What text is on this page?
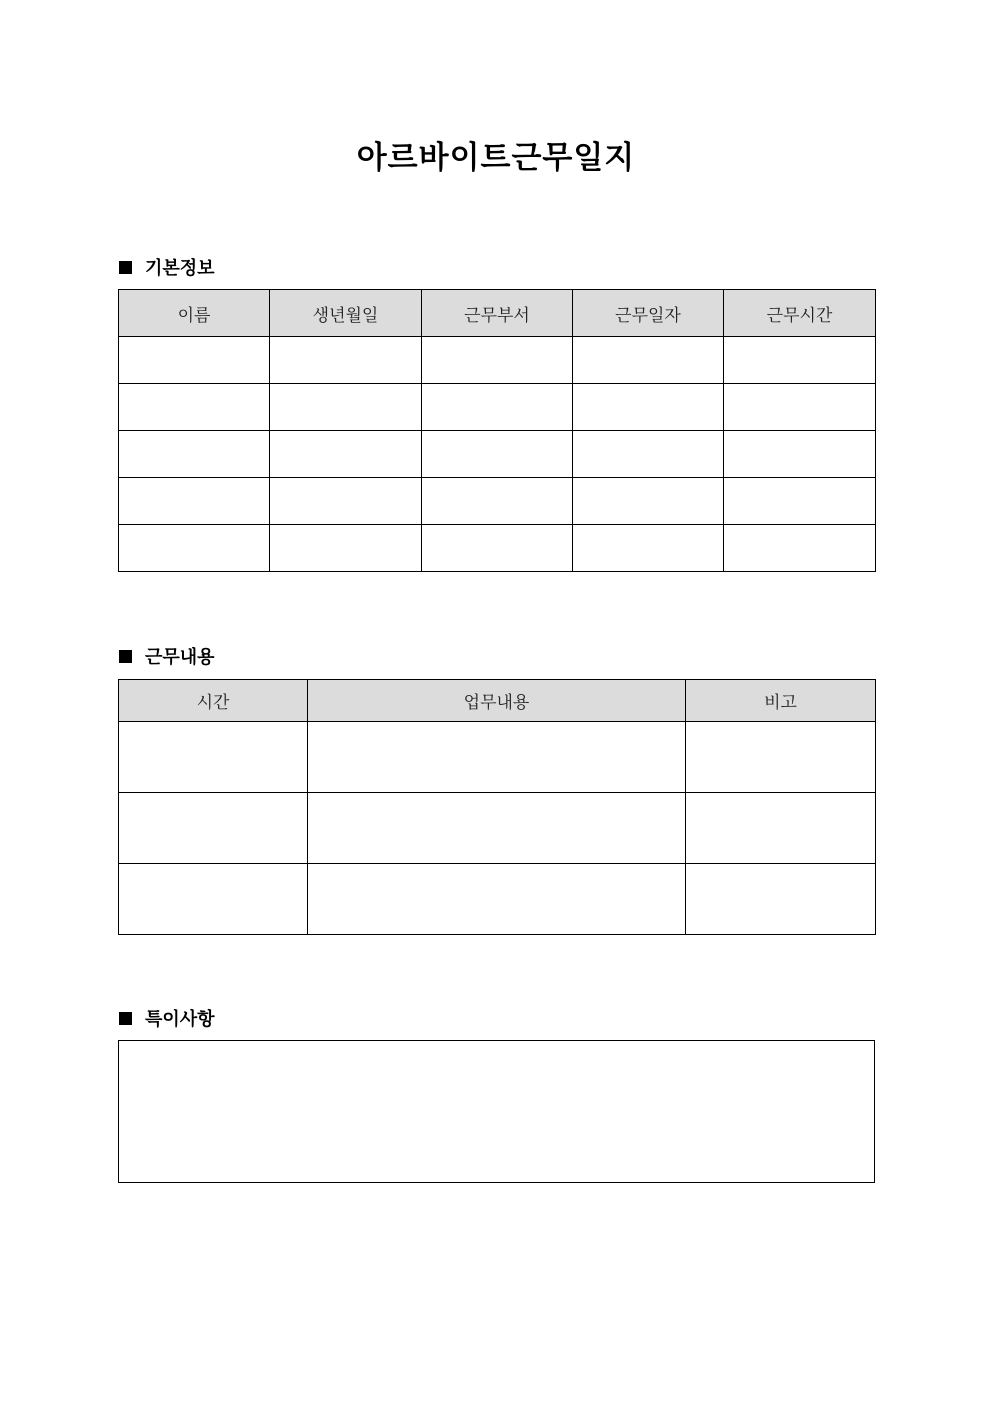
아르바이트근무일지
기본정보
이름	생년월일	근무부서	근무일자	근무시간

근무내용
시간	업무내용	비고

특이사항
